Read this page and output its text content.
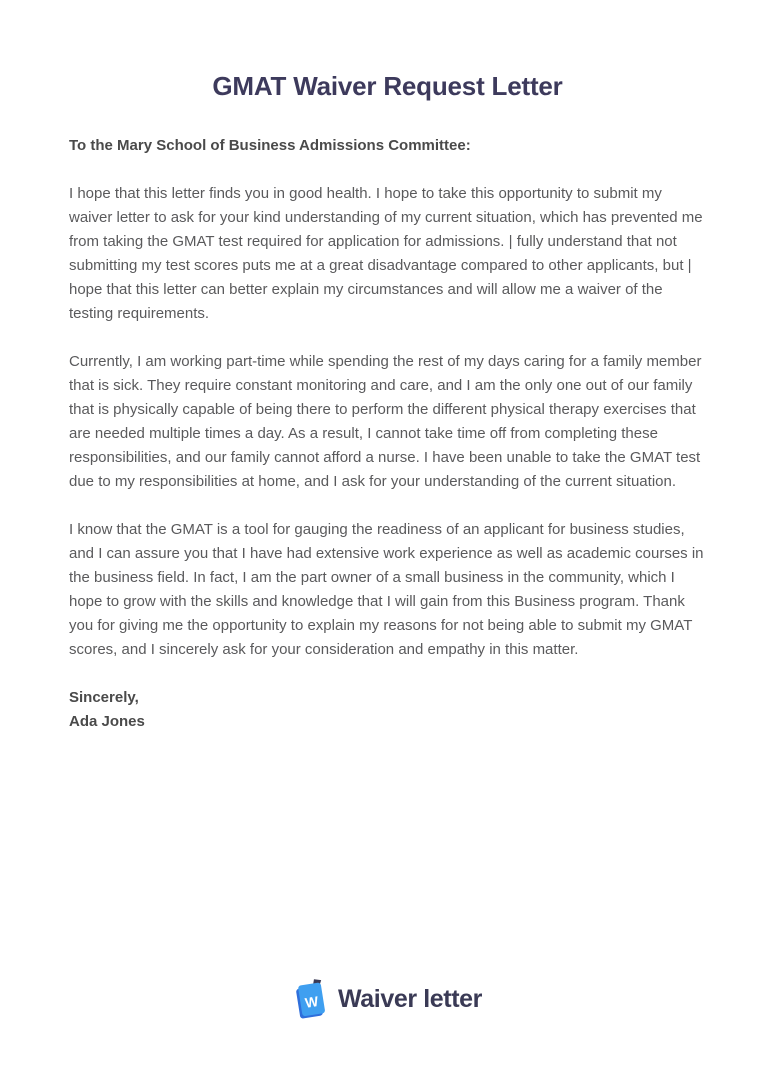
GMAT Waiver Request Letter

To the Mary School of Business Admissions Committee:

I hope that this letter finds you in good health. I hope to take this opportunity to submit my waiver letter to ask for your kind understanding of my current situation, which has prevented me from taking the GMAT test required for application for admissions. | fully understand that not submitting my test scores puts me at a great disadvantage compared to other applicants, but | hope that this letter can better explain my circumstances and will allow me a waiver of the testing requirements.

Currently, I am working part-time while spending the rest of my days caring for a family member that is sick. They require constant monitoring and care, and I am the only one out of our family that is physically capable of being there to perform the different physical therapy exercises that are needed multiple times a day. As a result, I cannot take time off from completing these responsibilities, and our family cannot afford a nurse. I have been unable to take the GMAT test due to my responsibilities at home, and I ask for your understanding of the current situation.

I know that the GMAT is a tool for gauging the readiness of an applicant for business studies, and I can assure you that I have had extensive work experience as well as academic courses in the business field. In fact, I am the part owner of a small business in the community, which I hope to grow with the skills and knowledge that I will gain from this Business program. Thank you for giving me the opportunity to explain my reasons for not being able to submit my GMAT scores, and I sincerely ask for your consideration and empathy in this matter.

Sincerely,
Ada Jones
W Waiver letter
